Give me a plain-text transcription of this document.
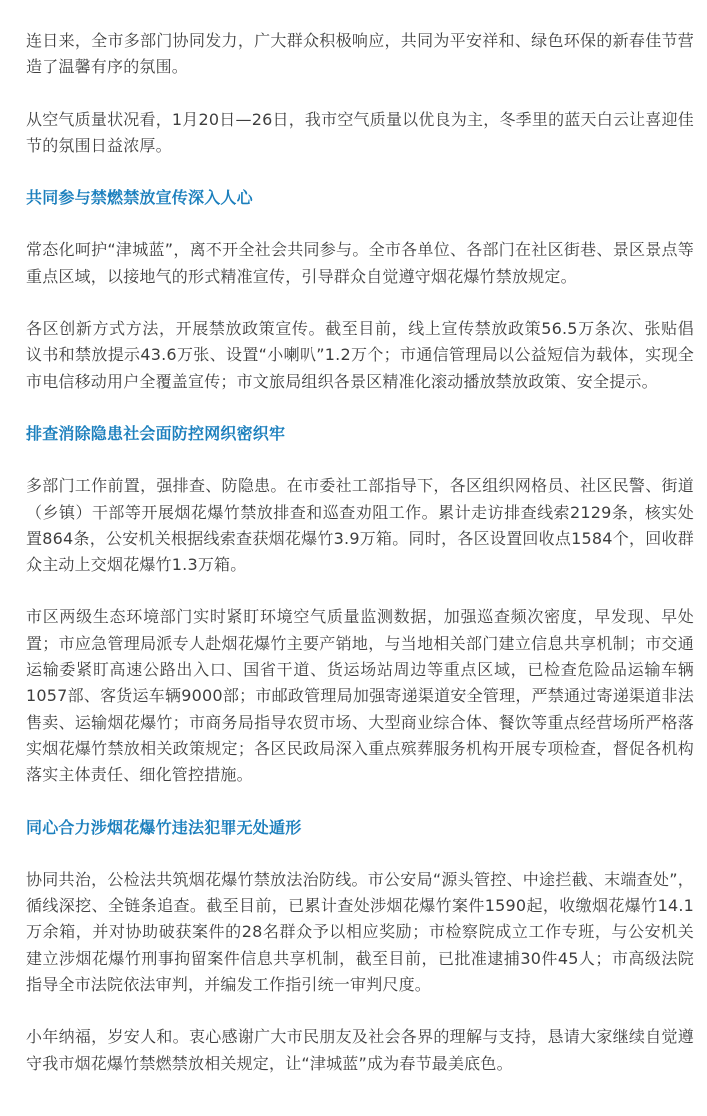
连日来，全市多部门协同发力，广大群众积极响应，共同为平安祥和、绿色环保的新春佳节营造了温馨有序的氛围。

从空气质量状况看，1月20日—26日，我市空气质量以优良为主，冬季里的蓝天白云让喜迎佳节的氛围日益浓厚。

共同参与禁燃禁放宣传深入人心

常态化呵护“津城蓝”，离不开全社会共同参与。全市各单位、各部门在社区街巷、景区景点等重点区域，以接地气的形式精准宣传，引导群众自觉遵守烟花爆竹禁放规定。

各区创新方式方法，开展禁放政策宣传。截至目前，线上宣传禁放政策56.5万条次、张贴倡议书和禁放提示43.6万张、设置“小喇叭”1.2万个；市通信管理局以公益短信为载体，实现全市电信移动用户全覆盖宣传；市文旅局组织各景区精准化滚动播放禁放政策、安全提示。

排查消除隐患社会面防控网织密织牢

多部门工作前置，强排查、防隐患。在市委社工部指导下，各区组织网格员、社区民警、街道（乡镇）干部等开展烟花爆竹禁放排查和巡查劝阻工作。累计走访排查线索2129条，核实处置864条，公安机关根据线索查获烟花爆竹3.9万箱。同时，各区设置回收点1584个，回收群众主动上交烟花爆竹1.3万箱。

市区两级生态环境部门实时紧盯环境空气质量监测数据，加强巡查频次密度，早发现、早处置；市应急管理局派专人赴烟花爆竹主要产销地，与当地相关部门建立信息共享机制；市交通运输委紧盯高速公路出入口、国省干道、货运场站周边等重点区域，已检查危险品运输车辆1057部、客货运车辆9000部；市邮政管理局加强寄递渠道安全管理，严禁通过寄递渠道非法售卖、运输烟花爆竹；市商务局指导农贸市场、大型商业综合体、餐饮等重点经营场所严格落实烟花爆竹禁放相关政策规定；各区民政局深入重点殡葬服务机构开展专项检查，督促各机构落实主体责任、细化管控措施。

同心合力涉烟花爆竹违法犯罪无处遁形

协同共治，公检法共筑烟花爆竹禁放法治防线。市公安局“源头管控、中途拦截、末端查处”，循线深挖、全链条追查。截至目前，已累计查处涉烟花爆竹案件1590起，收缴烟花爆竹14.1万余箱，并对协助破获案件的28名群众予以相应奖励；市检察院成立工作专班，与公安机关建立涉烟花爆竹刑事拘留案件信息共享机制，截至目前，已批准逮捕30件45人；市高级法院指导全市法院依法审判，并编发工作指引统一审判尺度。

小年纳福，岁安人和。衷心感谢广大市民朋友及社会各界的理解与支持，恳请大家继续自觉遵守我市烟花爆竹禁燃禁放相关规定，让“津城蓝”成为春节最美底色。
